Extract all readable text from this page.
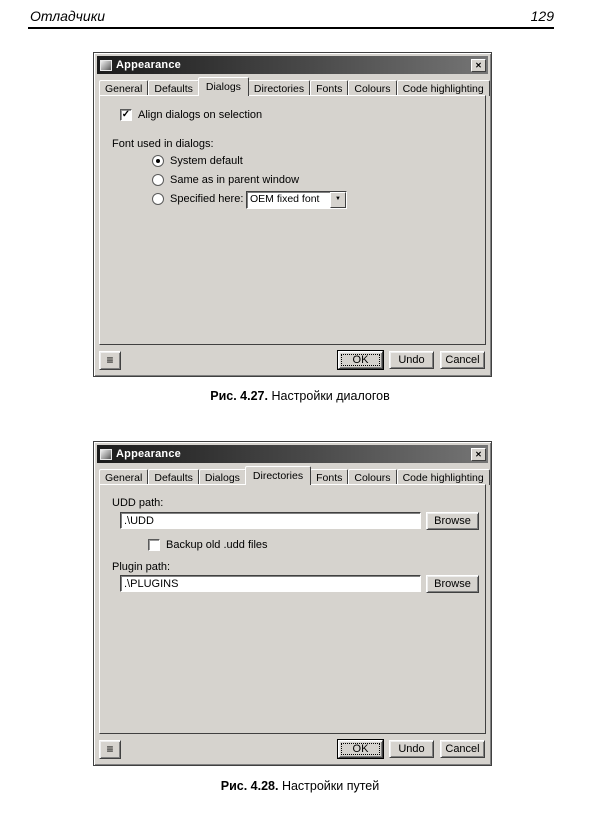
Отладчики	129
Appearance	✕
General	Defaults	Dialogs	Directories	Fonts	Colours	Code highlighting
✓ Align dialogs on selection
Font used in dialogs:
System default
Same as in parent window
Specified here: OEM fixed font	▼
≡	OK	Undo	Cancel
Рис. 4.27. Настройки диалогов
Appearance	✕
General	Defaults	Dialogs	Directories	Fonts	Colours	Code highlighting
UDD path:
.\UDD
Browse
Backup old .udd files
Plugin path:
.\PLUGINS
Browse
≡	OK	Undo	Cancel
Рис. 4.28. Настройки путей
